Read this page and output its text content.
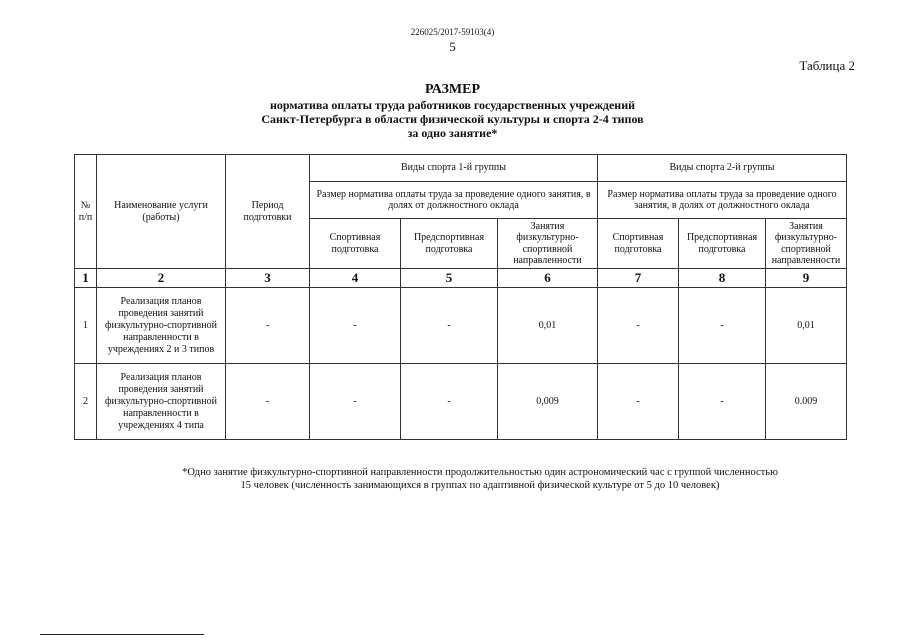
226025/2017-59103(4)
5
Таблица 2
РАЗМЕР
норматива оплаты труда работников государственных учреждений
Санкт-Петербурга в области физической культуры и спорта 2-4 типов
за одно занятие*
№ п/п	Наименование услуги (работы)	Период подготовки	Виды спорта 1-й группы			Виды спорта 2-й группы		
			Размер норматива оплаты труда за проведение одного занятия, в долях от должностного оклада			Размер норматива оплаты труда за проведение одного занятия, в долях от должностного оклада		
			Спортивная подготовка	Предспортивная подготовка	Занятия физкультурно-спортивной направленности	Спортивная подготовка	Предспортивная подготовка	Занятия физкультурно-спортивной направленности
1	2	3	4	5	6	7	8	9
1	Реализация планов проведения занятий физкультурно-спортивной направленности в учреждениях 2 и 3 типов	-	-	-	0,01	-	-	0,01
2	Реализация планов проведения занятий физкультурно-спортивной направленности в учреждениях 4 типа	-	-	-	0,009	-	-	0.009
*Одно занятие физкультурно-спортивной направленности продолжительностью один астрономический час с группой численностью
15 человек (численность занимающихся в группах по адаптивной физической культуре от 5 до 10 человек)
